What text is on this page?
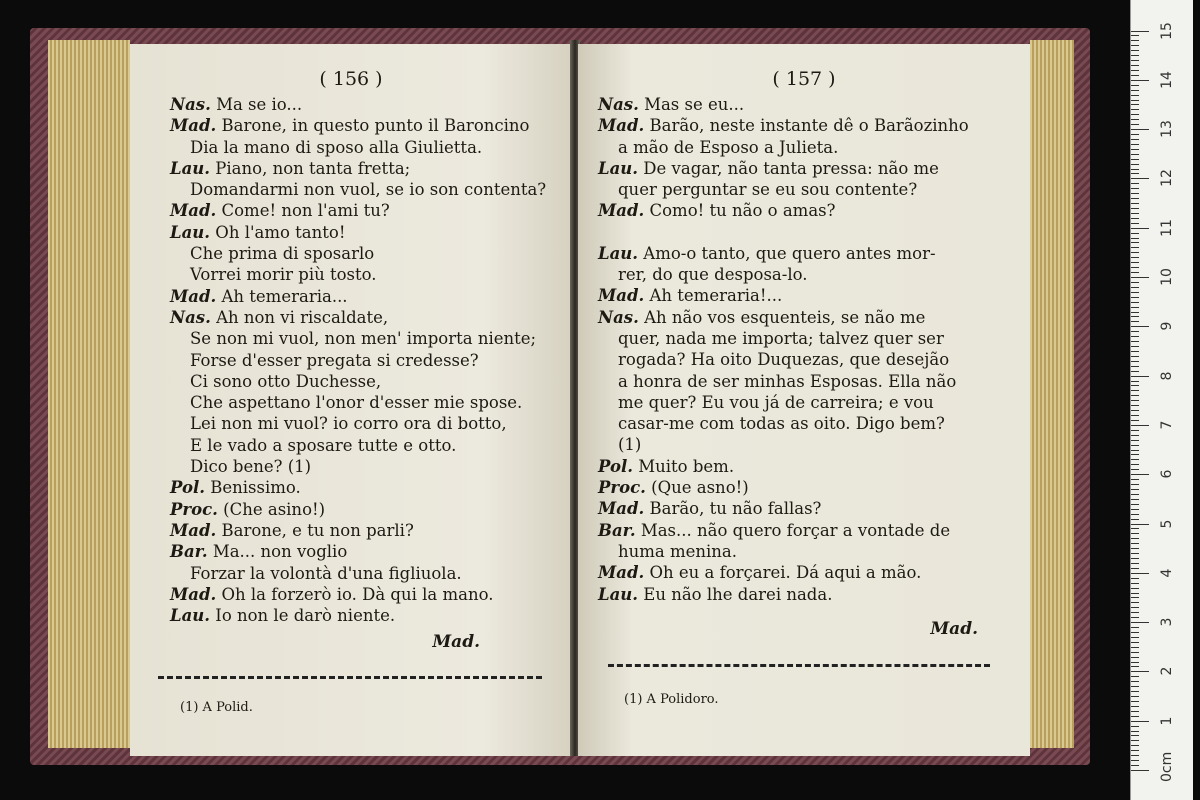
( 156 )
Nas. Ma se io...
Mad. Barone, in questo punto il Baroncino
Dia la mano di sposo alla Giulietta.
Lau. Piano, non tanta fretta;
Domandarmi non vuol, se io son contenta?
Mad. Come! non l'ami tu?
Lau. Oh l'amo tanto!
Che prima di sposarlo
Vorrei morir più tosto.
Mad. Ah temeraria...
Nas. Ah non vi riscaldate,
Se non mi vuol, non men' importa niente;
Forse d'esser pregata si credesse?
Ci sono otto Duchesse,
Che aspettano l'onor d'esser mie spose.
Lei non mi vuol? io corro ora di botto,
E le vado a sposare tutte e otto.
Dico bene? (1)
Pol. Benissimo.
Proc. (Che asino!)
Mad. Barone, e tu non parli?
Bar. Ma... non voglio
Forzar la volontà d'una figliuola.
Mad. Oh la forzerò io. Dà qui la mano.
Lau. Io non le darò niente.
Mad.
(1) A Polid.
( 157 )
Nas. Mas se eu...
Mad. Barão, neste instante dê o Barãozinho
a mão de Esposo a Julieta.
Lau. De vagar, não tanta pressa: não me
quer perguntar se eu sou contente?
Mad. Como! tu não o amas?
Lau. Amo-o tanto, que quero antes mor-
rer, do que desposa-lo.
Mad. Ah temeraria!...
Nas. Ah não vos esquenteis, se não me
quer, nada me importa; talvez quer ser
rogada? Ha oito Duquezas, que desejão
a honra de ser minhas Esposas. Ella não
me quer? Eu vou já de carreira; e vou
casar-me com todas as oito. Digo bem?
(1)
Pol. Muito bem.
Proc. (Que asno!)
Mad. Barão, tu não fallas?
Bar. Mas... não quero forçar a vontade de
huma menina.
Mad. Oh eu a forçarei. Dá aqui a mão.
Lau. Eu não lhe darei nada.
Mad.
(1) A Polidoro.
1
2
3
4
5
6
7
8
9
10
11
12
13
14
15
0cm
